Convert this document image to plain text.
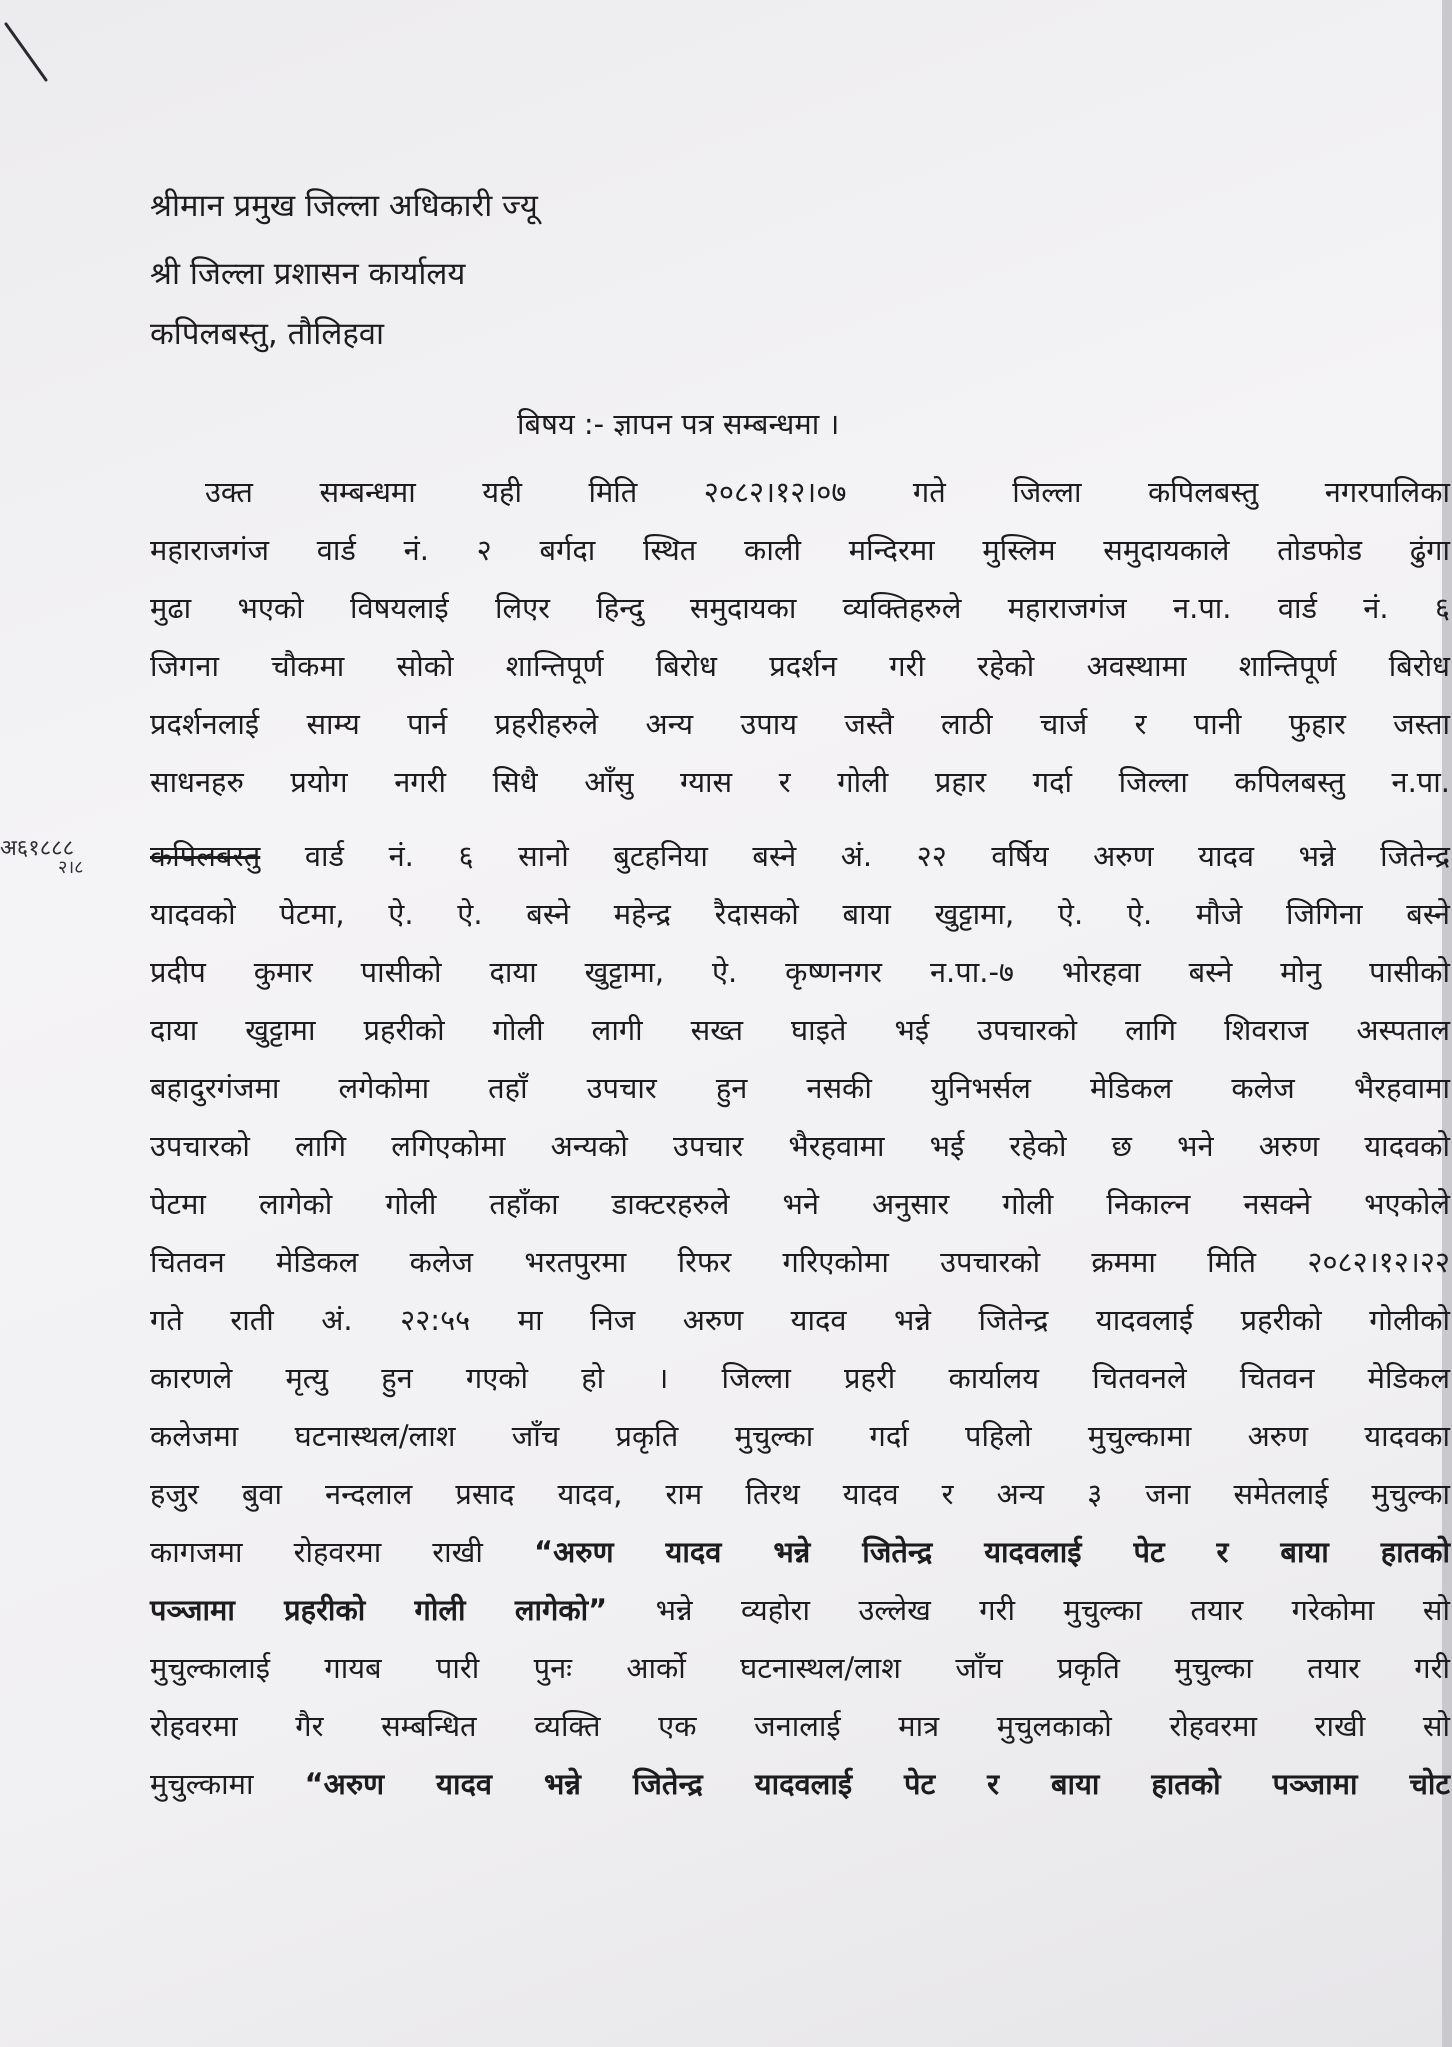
श्रीमान प्रमुख जिल्ला अधिकारी ज्यू
श्री जिल्ला प्रशासन कार्यालय
कपिलबस्तु, तौलिहवा
बिषय :- ज्ञापन पत्र सम्बन्धमा ।
उक्त सम्बन्धमा यही मिति २०८२।१२।०७ गते जिल्ला कपिलबस्तु नगरपालिका
महाराजगंज वार्ड नं. २ बर्गदा स्थित काली मन्दिरमा मुस्लिम समुदायकाले तोडफोड ढुंगा
मुढा भएको विषयलाई लिएर हिन्दु समुदायका व्यक्तिहरुले महाराजगंज न.पा. वार्ड नं. ६
जिगना चौकमा सोको शान्तिपूर्ण बिरोध प्रदर्शन गरी रहेको अवस्थामा शान्तिपूर्ण बिरोध
प्रदर्शनलाई साम्य पार्न प्रहरीहरुले अन्य उपाय जस्तै लाठी चार्ज र पानी फुहार जस्ता
साधनहरु प्रयोग नगरी सिधै आँसु ग्यास र गोली प्रहार गर्दा जिल्ला कपिलबस्तु न.पा.
कपिलबस्तु वार्ड नं. ६ सानो बुटहनिया बस्ने अं. २२ वर्षिय अरुण यादव भन्ने जितेन्द्र
यादवको पेटमा, ऐ. ऐ. बस्ने महेन्द्र रैदासको बाया खुट्टामा, ऐ. ऐ. मौजे जिगिना बस्ने
प्रदीप कुमार पासीको दाया खुट्टामा, ऐ. कृष्णनगर न.पा.-७ भोरहवा बस्ने मोनु पासीको
दाया खुट्टामा प्रहरीको गोली लागी सख्त घाइते भई उपचारको लागि शिवराज अस्पताल
बहादुरगंजमा लगेकोमा तहाँ उपचार हुन नसकी युनिभर्सल मेडिकल कलेज भैरहवामा
उपचारको लागि लगिएकोमा अन्यको उपचार भैरहवामा भई रहेको छ भने अरुण यादवको
पेटमा लागेको गोली तहाँका डाक्टरहरुले भने अनुसार गोली निकाल्न नसक्ने भएकोले
चितवन मेडिकल कलेज भरतपुरमा रिफर गरिएकोमा उपचारको क्रममा मिति २०८२।१२।२२
गते राती अं. २२:५५ मा निज अरुण यादव भन्ने जितेन्द्र यादवलाई प्रहरीको गोलीको
कारणले मृत्यु हुन गएको हो । जिल्ला प्रहरी कार्यालय चितवनले चितवन मेडिकल
कलेजमा घटनास्थल/लाश जाँच प्रकृति मुचुल्का गर्दा पहिलो मुचुल्कामा अरुण यादवका
हजुर बुवा नन्दलाल प्रसाद यादव, राम तिरथ यादव र अन्य ३ जना समेतलाई मुचुल्का
कागजमा रोहवरमा राखी “अरुण यादव भन्ने जितेन्द्र यादवलाई पेट र बाया हातको
पञ्जामा प्रहरीको गोली लागेको” भन्ने व्यहोरा उल्लेख गरी मुचुल्का तयार गरेकोमा सो
मुचुल्कालाई गायब पारी पुनः आर्को घटनास्थल/लाश जाँच प्रकृति मुचुल्का तयार गरी
रोहवरमा गैर सम्बन्धित व्यक्ति एक जनालाई मात्र मुचुलकाको रोहवरमा राखी सो
मुचुल्कामा “अरुण यादव भन्ने जितेन्द्र यादवलाई पेट र बाया हातको पञ्जामा चोट
अ६१८८८
२।८
